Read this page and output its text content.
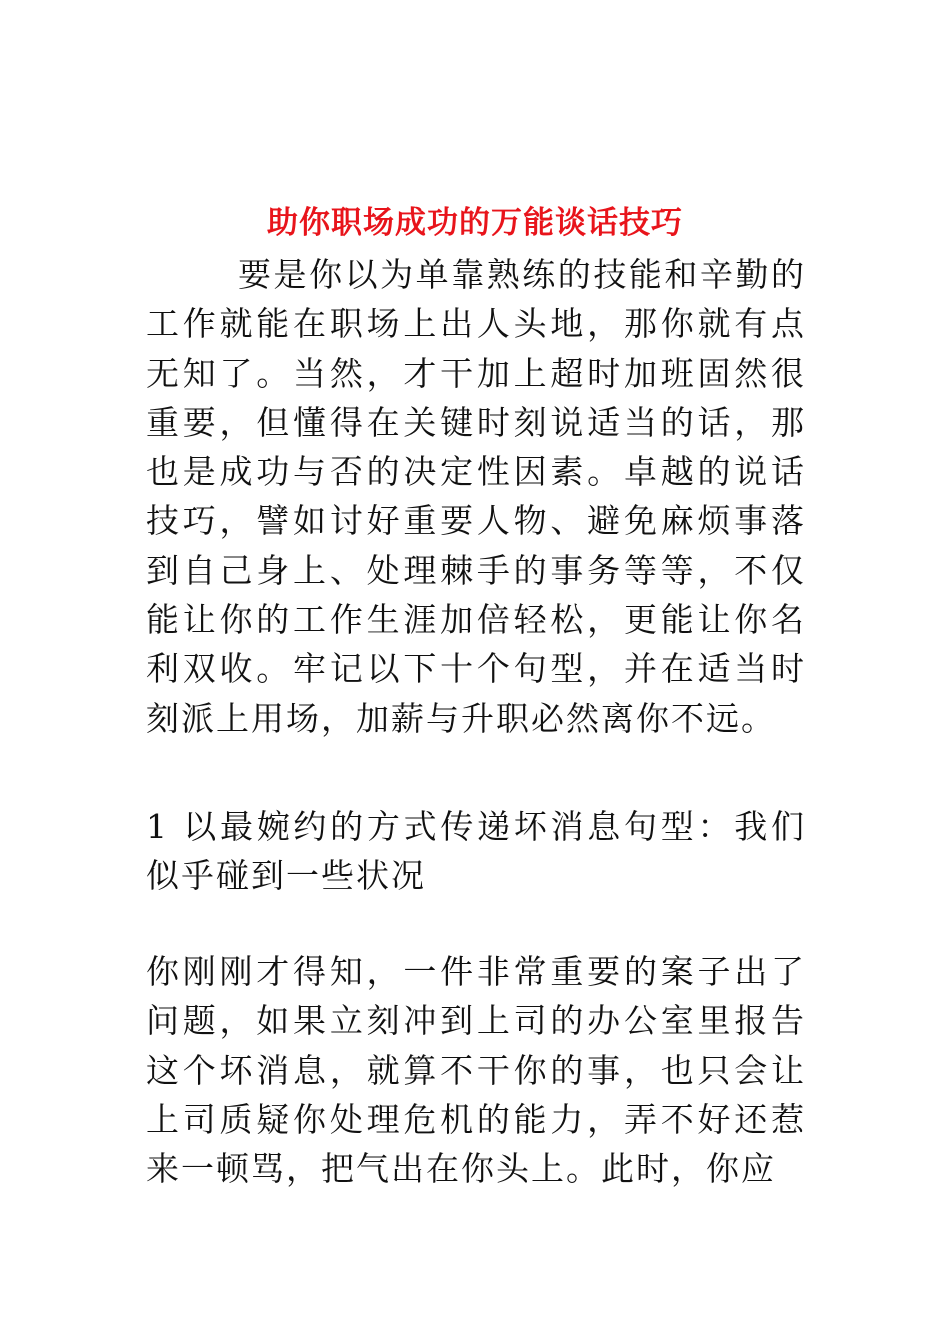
助你职场成功的万能谈话技巧

要是你以为单靠熟练的技能和辛勤的工作就能在职场上出人头地，那你就有点无知了。当然，才干加上超时加班固然很重要，但懂得在关键时刻说适当的话，那也是成功与否的决定性因素。卓越的说话技巧，譬如讨好重要人物、避免麻烦事落到自己身上、处理棘手的事务等等，不仅能让你的工作生涯加倍轻松，更能让你名利双收。牢记以下十个句型，并在适当时刻派上用场，加薪与升职必然离你不远。

1 以最婉约的方式传递坏消息句型：我们似乎碰到一些状况

你刚刚才得知，一件非常重要的案子出了问题，如果立刻冲到上司的办公室里报告这个坏消息，就算不干你的事，也只会让上司质疑你处理危机的能力，弄不好还惹来一顿骂，把气出在你头上。此时，你应
